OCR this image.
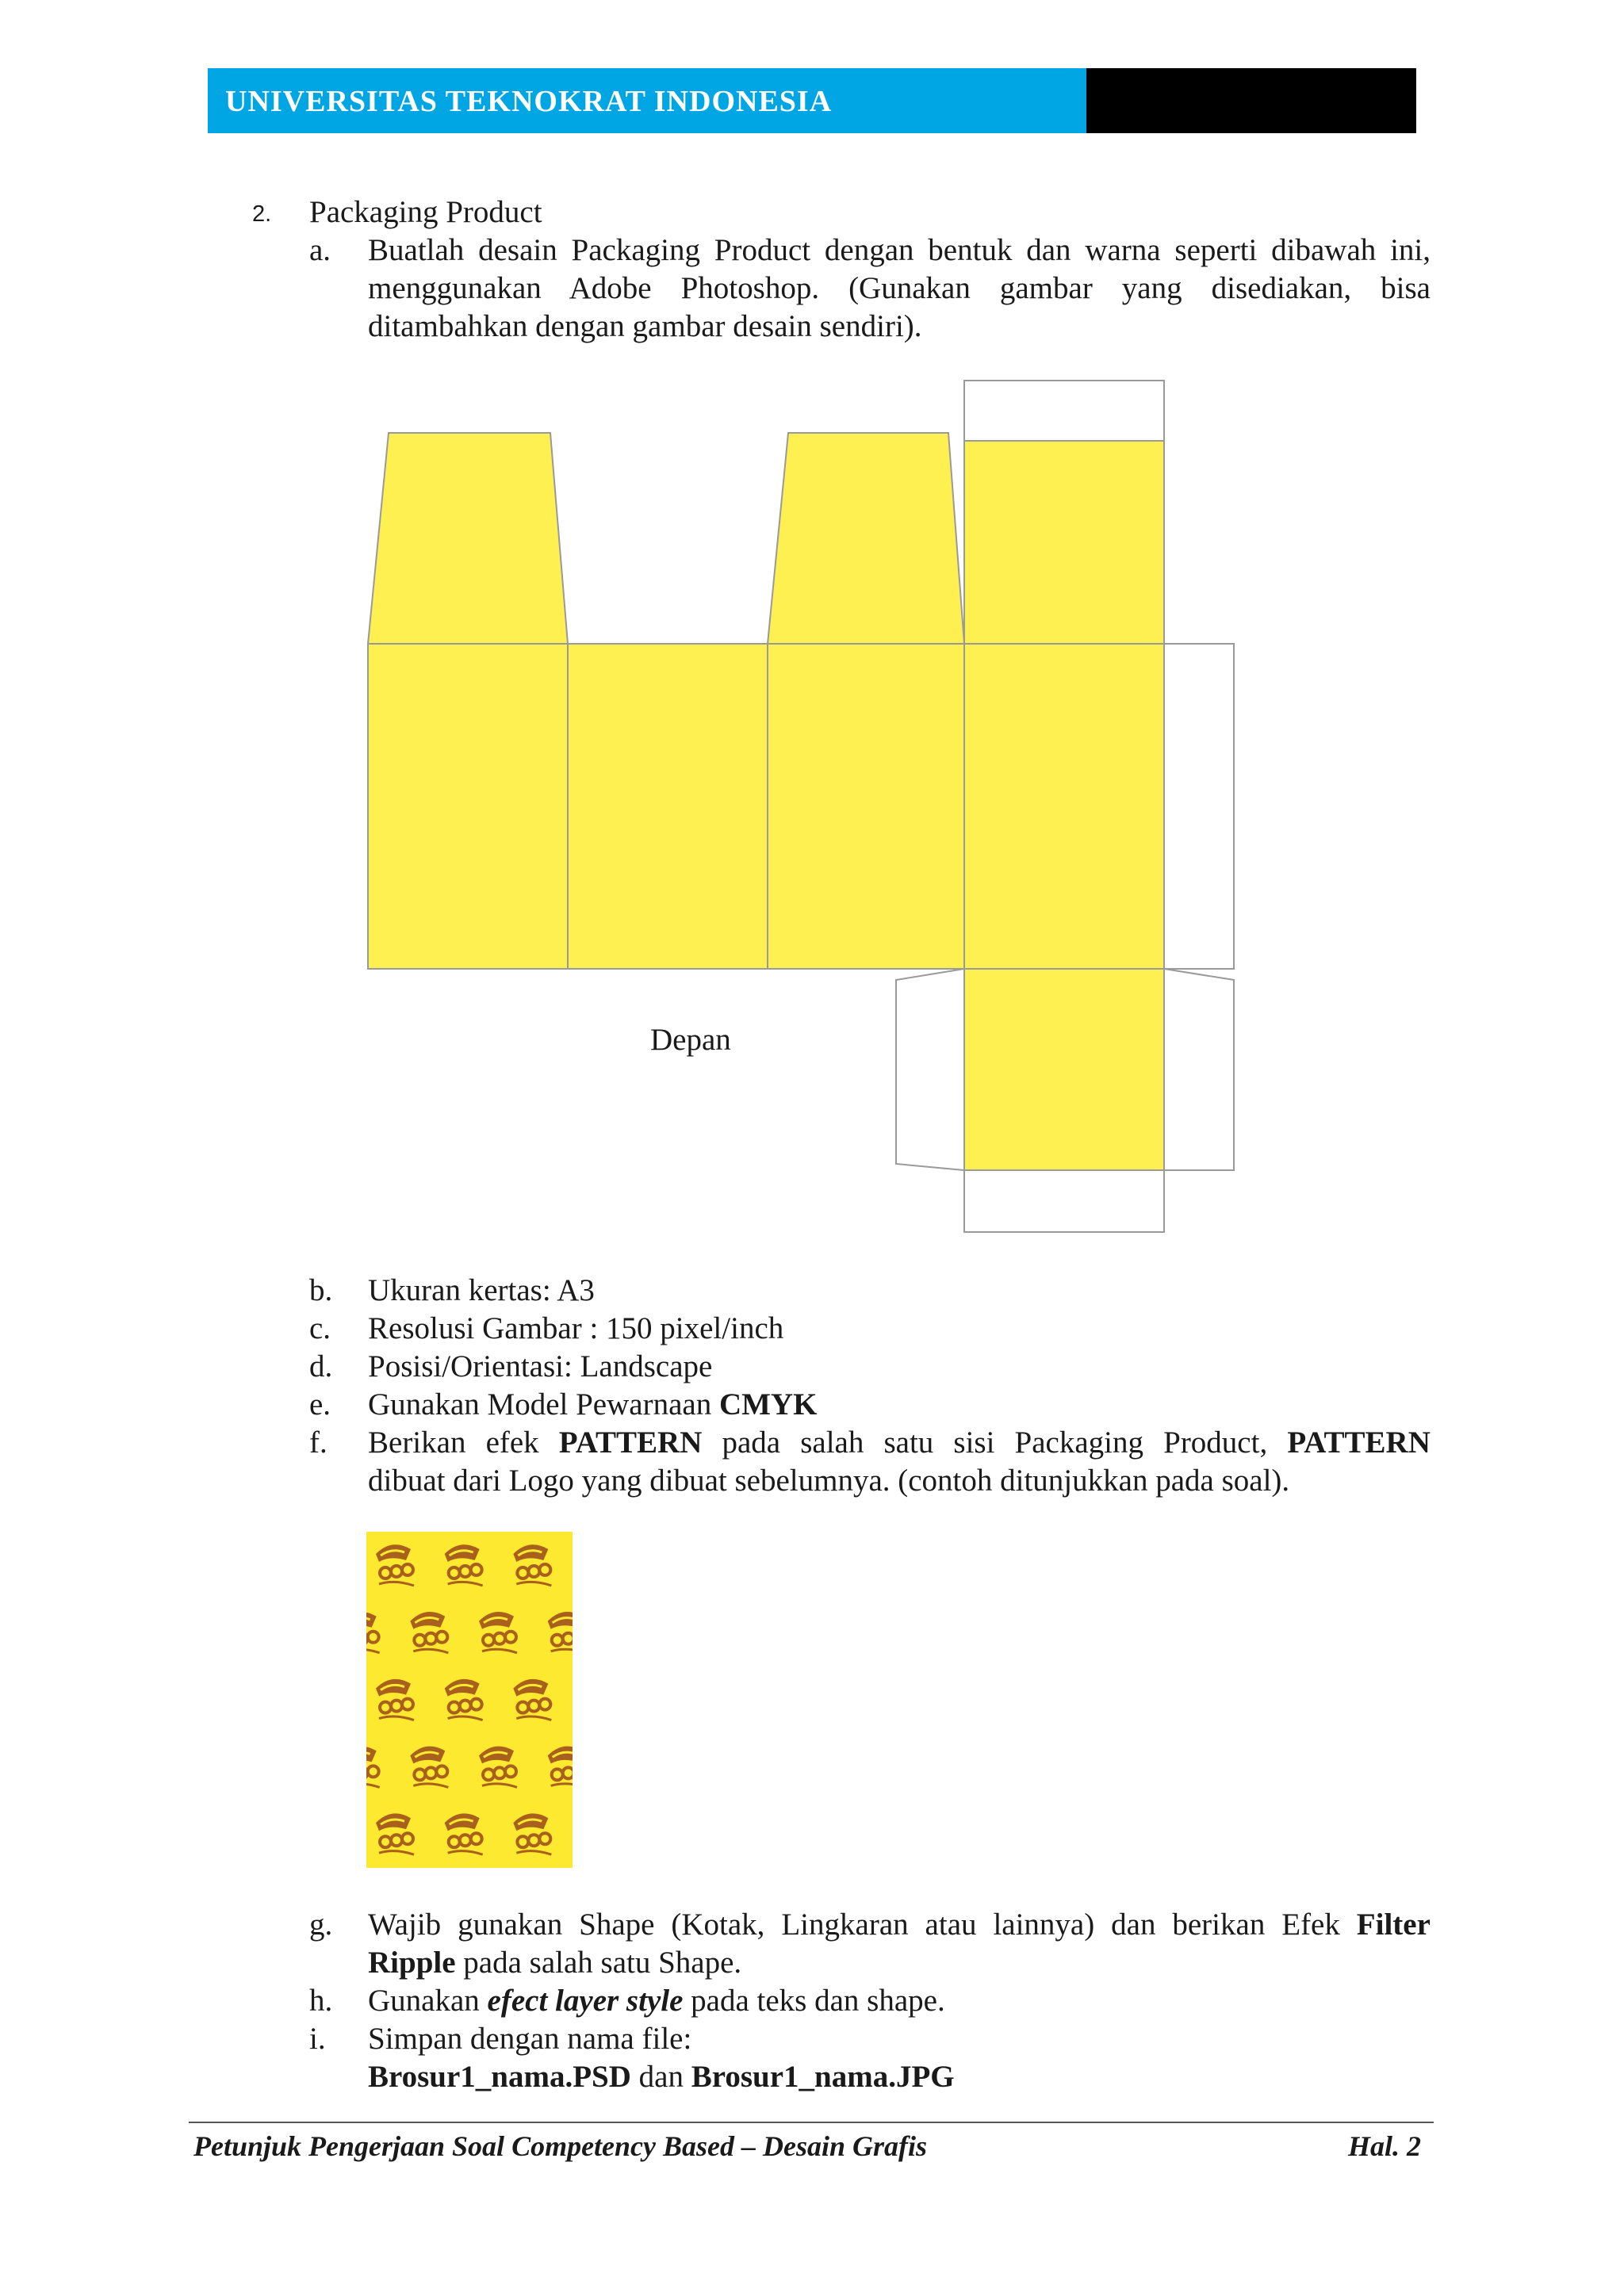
UNIVERSITAS TEKNOKRAT INDONESIA
2. Packaging Product
a. Buatlah desain Packaging Product dengan bentuk dan warna seperti dibawah ini,
menggunakan Adobe Photoshop. (Gunakan gambar yang disediakan, bisa
ditambahkan dengan gambar desain sendiri).
Depan
b. Ukuran kertas: A3
c. Resolusi Gambar : 150 pixel/inch
d. Posisi/Orientasi: Landscape
e. Gunakan Model Pewarnaan CMYK
f. Berikan efek PATTERN pada salah satu sisi Packaging Product, PATTERN
dibuat dari Logo yang dibuat sebelumnya. (contoh ditunjukkan pada soal).
g. Wajib gunakan Shape (Kotak, Lingkaran atau lainnya) dan berikan Efek Filter
Ripple pada salah satu Shape.
h. Gunakan efect layer style pada teks dan shape.
i. Simpan dengan nama file:
Brosur1_nama.PSD dan Brosur1_nama.JPG
Petunjuk Pengerjaan Soal Competency Based – Desain Grafis	Hal. 2
